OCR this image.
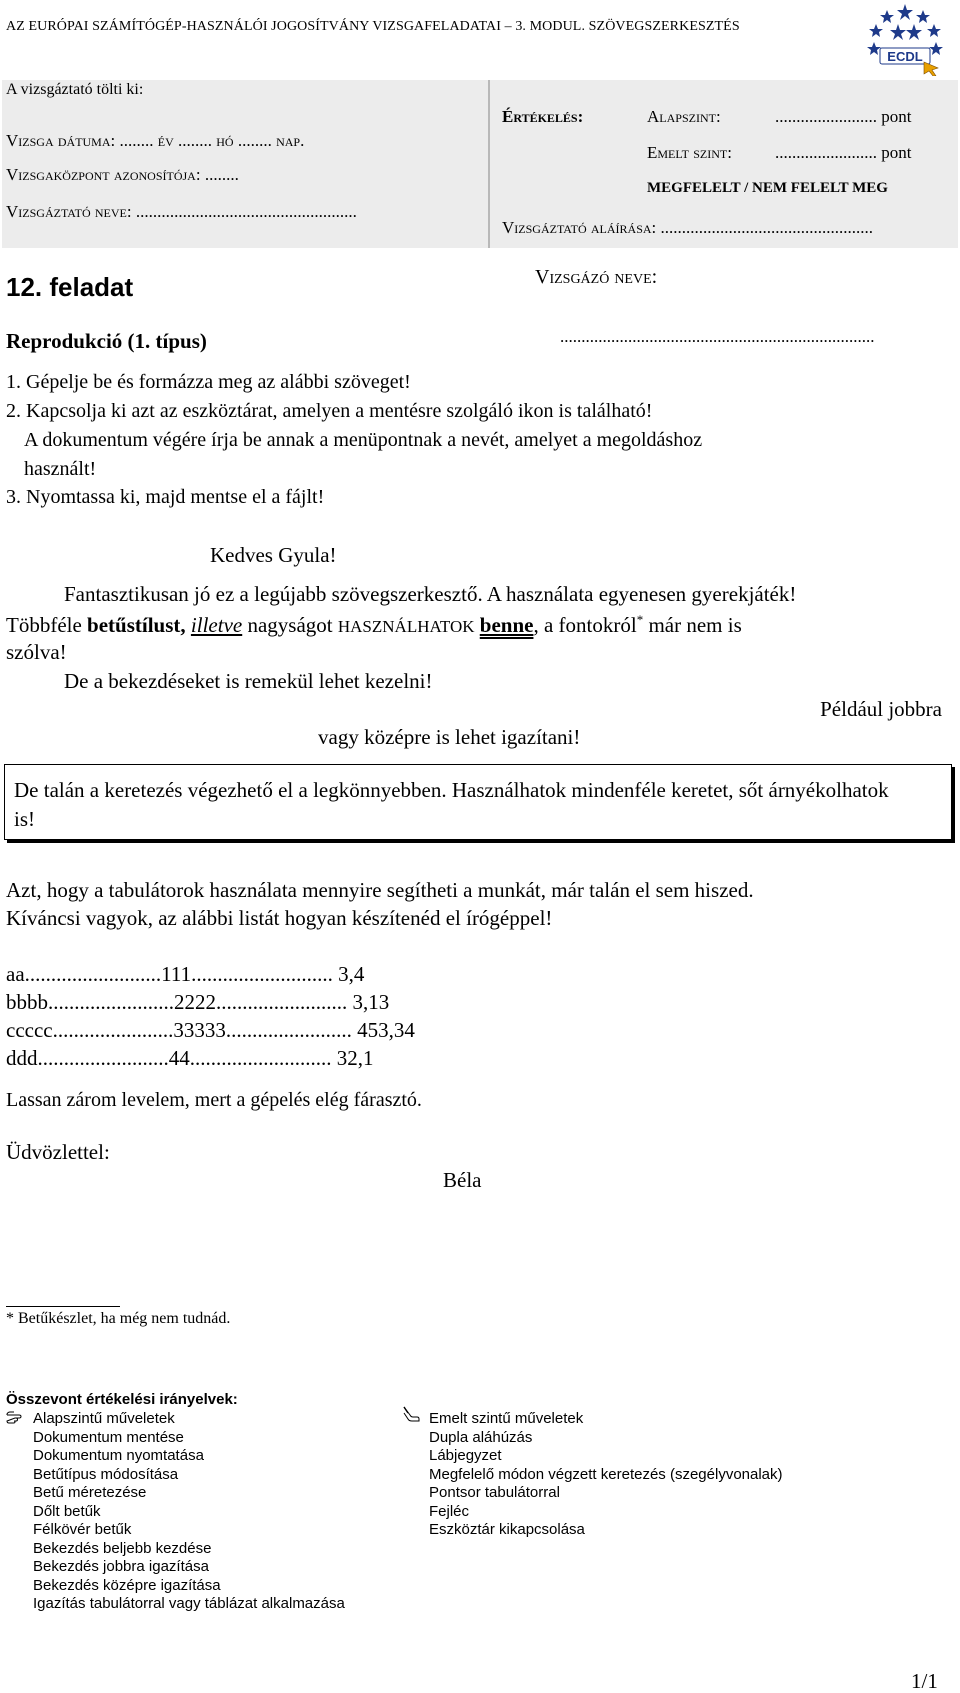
AZ EURÓPAI SZÁMÍTÓGÉP-HASZNÁLÓI JOGOSÍTVÁNY VIZSGAFELADATAI – 3. MODUL. SZÖVEGSZERKESZTÉS
ECDL
A vizsgáztató tölti ki:
Vizsga dátuma: ........ év ........ hó ........ nap.
Vizsgaközpont azonosítója: ........
Vizsgáztató neve: ....................................................
Értékelés:	Alapszint:	........................ pont
Emelt szint:	........................ pont
MEGFELELT / NEM FELELT MEG
Vizsgáztató aláírása: ..................................................
12. feladat
Reprodukció (1. típus)
Vizsgázó neve:
..........................................................................
1. Gépelje be és formázza meg az alábbi szöveget!
2. Kapcsolja ki azt az eszköztárat, amelyen a mentésre szolgáló ikon is található!
A dokumentum végére írja be annak a menüpontnak a nevét, amelyet a megoldáshoz
használt!
3. Nyomtassa ki, majd mentse el a fájlt!
Kedves Gyula!
Fantasztikusan jó ez a legújabb szövegszerkesztő. A használata egyenesen gyerekjáték!
Többféle betűstílust, illetve nagyságot HASZNÁLHATOK benne, a fontokról* már nem is
szólva!
De a bekezdéseket is remekül lehet kezelni!
Például jobbra
vagy középre is lehet igazítani!
De talán a keretezés végezhető el a legkönnyebben. Használhatok mindenféle keretet, sőt árnyékolhatok is!
Azt, hogy a tabulátorok használata mennyire segítheti a munkát, már talán el sem hiszed.
Kíváncsi vagyok, az alábbi listát hogyan készítenéd el írógéppel!
aa..........................111........................... 3,4
bbbb........................2222......................... 3,13
ccccc.......................33333........................ 453,34
ddd.........................44........................... 32,1
Lassan zárom levelem, mert a gépelés elég fárasztó.
Üdvözlettel:
Béla
* Betűkészlet, ha még nem tudnád.
Összevont értékelési irányelvek:
Alapszintű műveletek
Dokumentum mentése
Dokumentum nyomtatása
Betűtípus módosítása
Betű méretezése
Dőlt betűk
Félkövér betűk
Bekezdés beljebb kezdése
Bekezdés jobbra igazítása
Bekezdés középre igazítása
Igazítás tabulátorral vagy táblázat alkalmazása
Emelt szintű műveletek
Dupla aláhúzás
Lábjegyzet
Megfelelő módon végzett keretezés (szegélyvonalak)
Pontsor tabulátorral
Fejléc
Eszköztár kikapcsolása
1/1
